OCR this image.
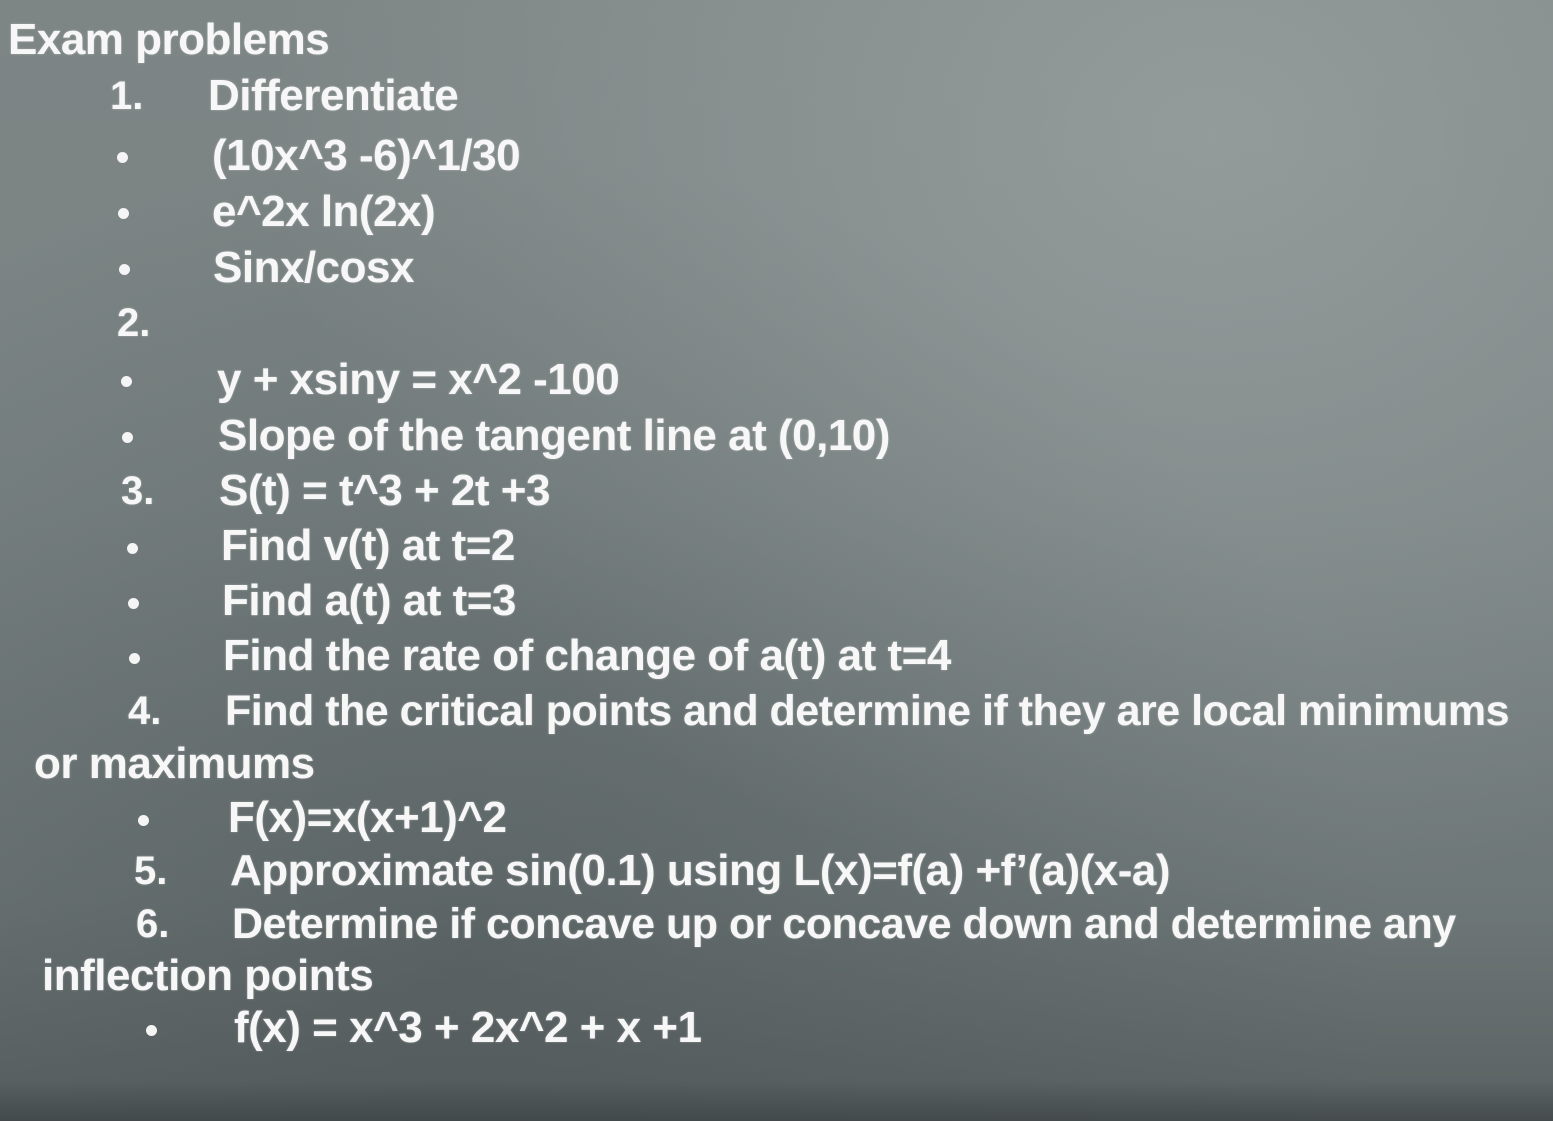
Exam problems
1. Differentiate
(10x^3 -6)^1/30
e^2x ln(2x)
Sinx/cosx
2.
y + xsiny = x^2 -100
Slope of the tangent line at (0,10)
3. S(t) = t^3 + 2t +3
Find v(t) at t=2
Find a(t) at t=3
Find the rate of change of a(t) at t=4
4. Find the critical points and determine if they are local minimums
or maximums
F(x)=x(x+1)^2
5. Approximate sin(0.1) using L(x)=f(a) +f’(a)(x-a)
6. Determine if concave up or concave down and determine any
inflection points
f(x) = x^3 + 2x^2 + x +1
